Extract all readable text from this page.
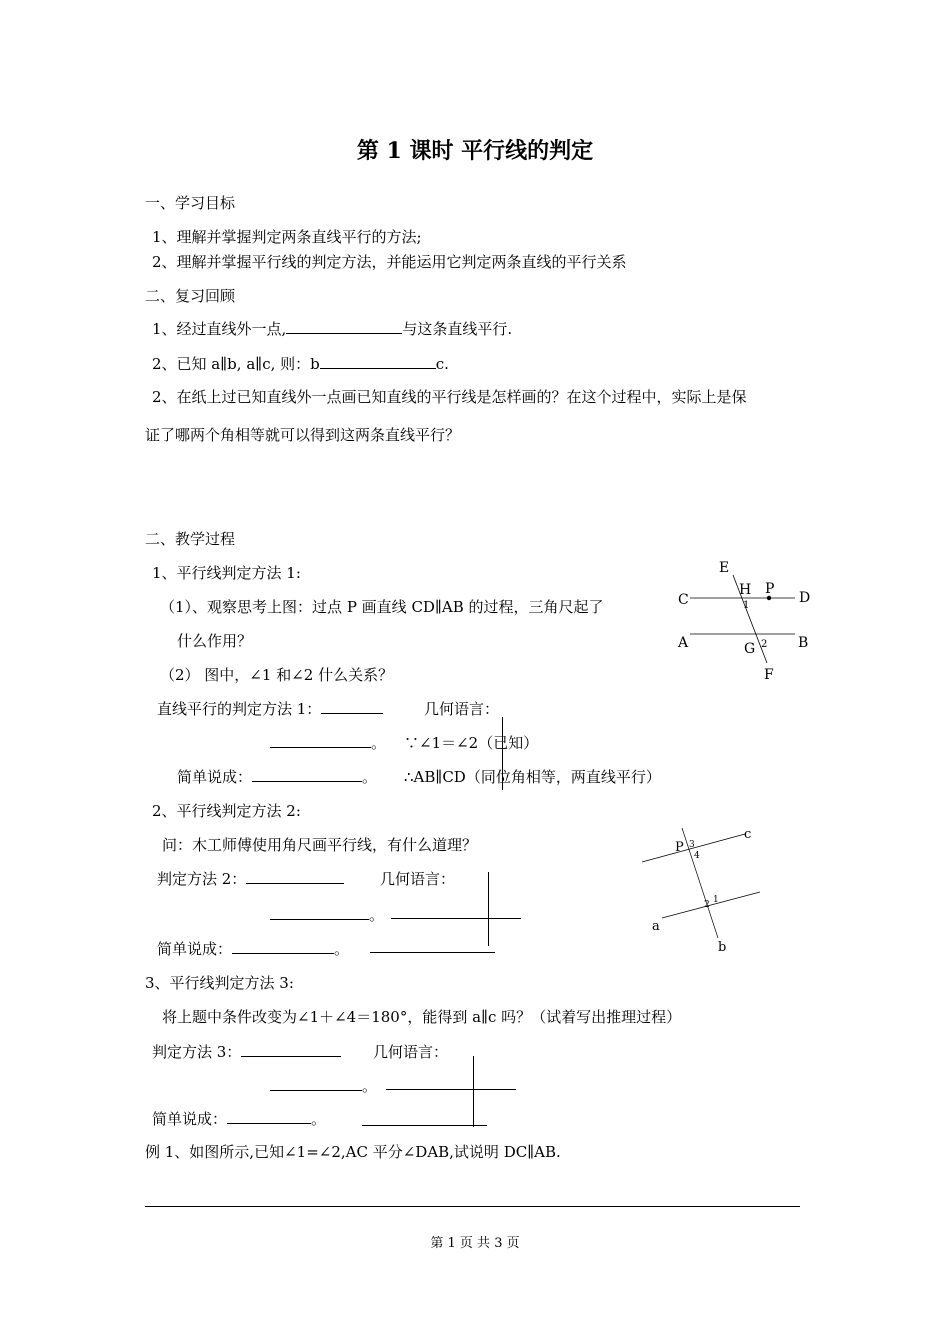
第 1 课时 平行线的判定
一、学习目标
1、理解并掌握判定两条直线平行的方法;
2、理解并掌握平行线的判定方法，并能运用它判定两条直线的平行关系
二、复习回顾
1、经过直线外一点,	与这条直线平行.
2、已知 a∥b, a∥c, 则：b	c.
2、在纸上过已知直线外一点画已知直线的平行线是怎样画的？在这个过程中，实际上是保
证了哪两个角相等就可以得到这两条直线平行？
二、教学过程
1、平行线判定方法 1:
（1）、观察思考上图：过点 P 画直线 CD∥AB 的过程，三角尺起了
什么作用？
（2） 图中，∠1 和∠2 什么关系？
直线平行的判定方法 1：	几何语言：
。 ∵∠1＝∠2（已知）
简单说成：	。 ∴AB∥CD（同位角相等，两直线平行）
E
H P
C	D
1
A	B
G 2
F
2、平行线判定方法 2:
问：木工师傅使用角尺画平行线，有什么道理？
判定方法 2：	几何语言：
。
简单说成：	。
P 3
4
c
2 1
a
b
3、平行线判定方法 3:
将上题中条件改变为∠1＋∠4＝180°，能得到 a∥c 吗？（试着写出推理过程）
判定方法 3：	几何语言：
。
简单说成：	。
例 1、如图所示,已知∠1=∠2,AC 平分∠DAB,试说明 DC∥AB.
第 1 页 共 3 页
